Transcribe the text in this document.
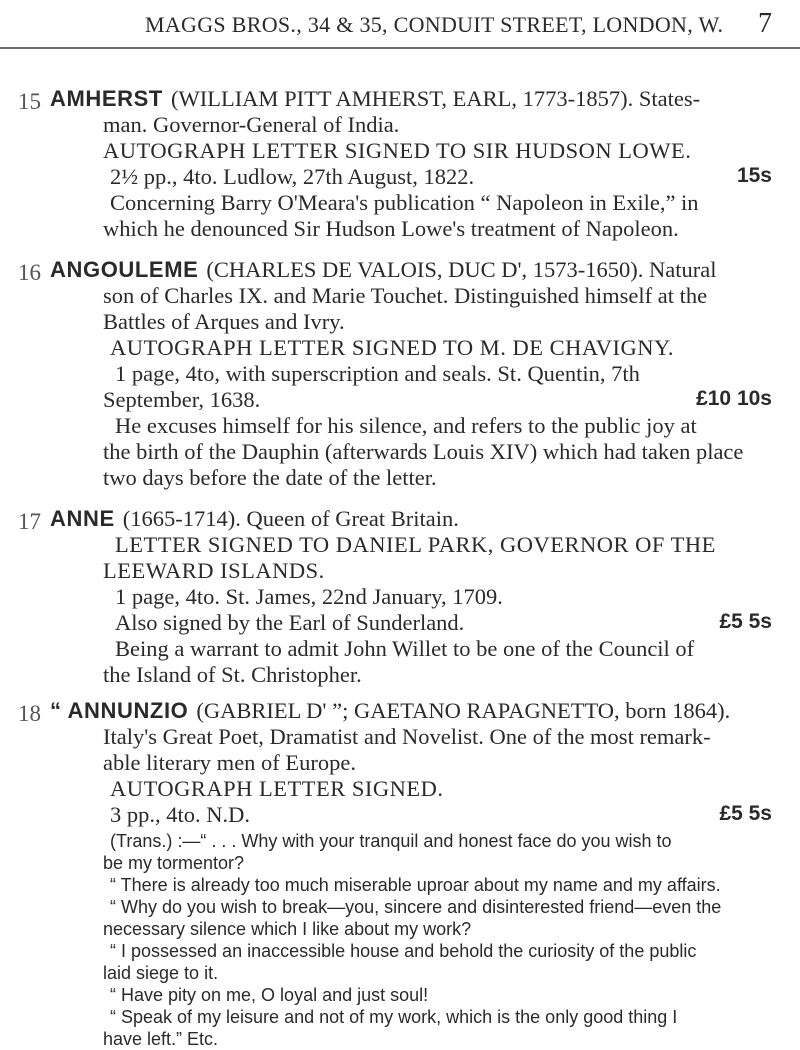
MAGGS BROS., 34 & 35, CONDUIT STREET, LONDON, W. 7
15 AMHERST (WILLIAM PITT AMHERST, EARL, 1773-1857). States-
man. Governor-General of India.
AUTOGRAPH LETTER SIGNED TO SIR HUDSON LOWE.
2½ pp., 4to. Ludlow, 27th August, 1822.	15s
Concerning Barry O'Meara's publication “ Napoleon in Exile,” in
which he denounced Sir Hudson Lowe's treatment of Napoleon.
16 ANGOULEME (CHARLES DE VALOIS, DUC D', 1573-1650). Natural
son of Charles IX. and Marie Touchet. Distinguished himself at the
Battles of Arques and Ivry.
AUTOGRAPH LETTER SIGNED TO M. DE CHAVIGNY.
1 page, 4to, with superscription and seals. St. Quentin, 7th
September, 1638.	£10 10s
He excuses himself for his silence, and refers to the public joy at
the birth of the Dauphin (afterwards Louis XIV) which had taken place
two days before the date of the letter.
17 ANNE (1665-1714). Queen of Great Britain.
LETTER SIGNED TO DANIEL PARK, GOVERNOR OF THE
LEEWARD ISLANDS.
1 page, 4to. St. James, 22nd January, 1709.
Also signed by the Earl of Sunderland.	£5 5s
Being a warrant to admit John Willet to be one of the Council of
the Island of St. Christopher.
18 “ ANNUNZIO (GABRIEL D' ”; GAETANO RAPAGNETTO, born 1864).
Italy's Great Poet, Dramatist and Novelist. One of the most remark-
able literary men of Europe.
AUTOGRAPH LETTER SIGNED.
3 pp., 4to. N.D.	£5 5s
(Trans.) :—“ . . . Why with your tranquil and honest face do you wish to
be my tormentor?
“ There is already too much miserable uproar about my name and my affairs.
“ Why do you wish to break—you, sincere and disinterested friend—even the
necessary silence which I like about my work?
“ I possessed an inaccessible house and behold the curiosity of the public
laid siege to it.
“ Have pity on me, O loyal and just soul!
“ Speak of my leisure and not of my work, which is the only good thing I
have left.” Etc.
